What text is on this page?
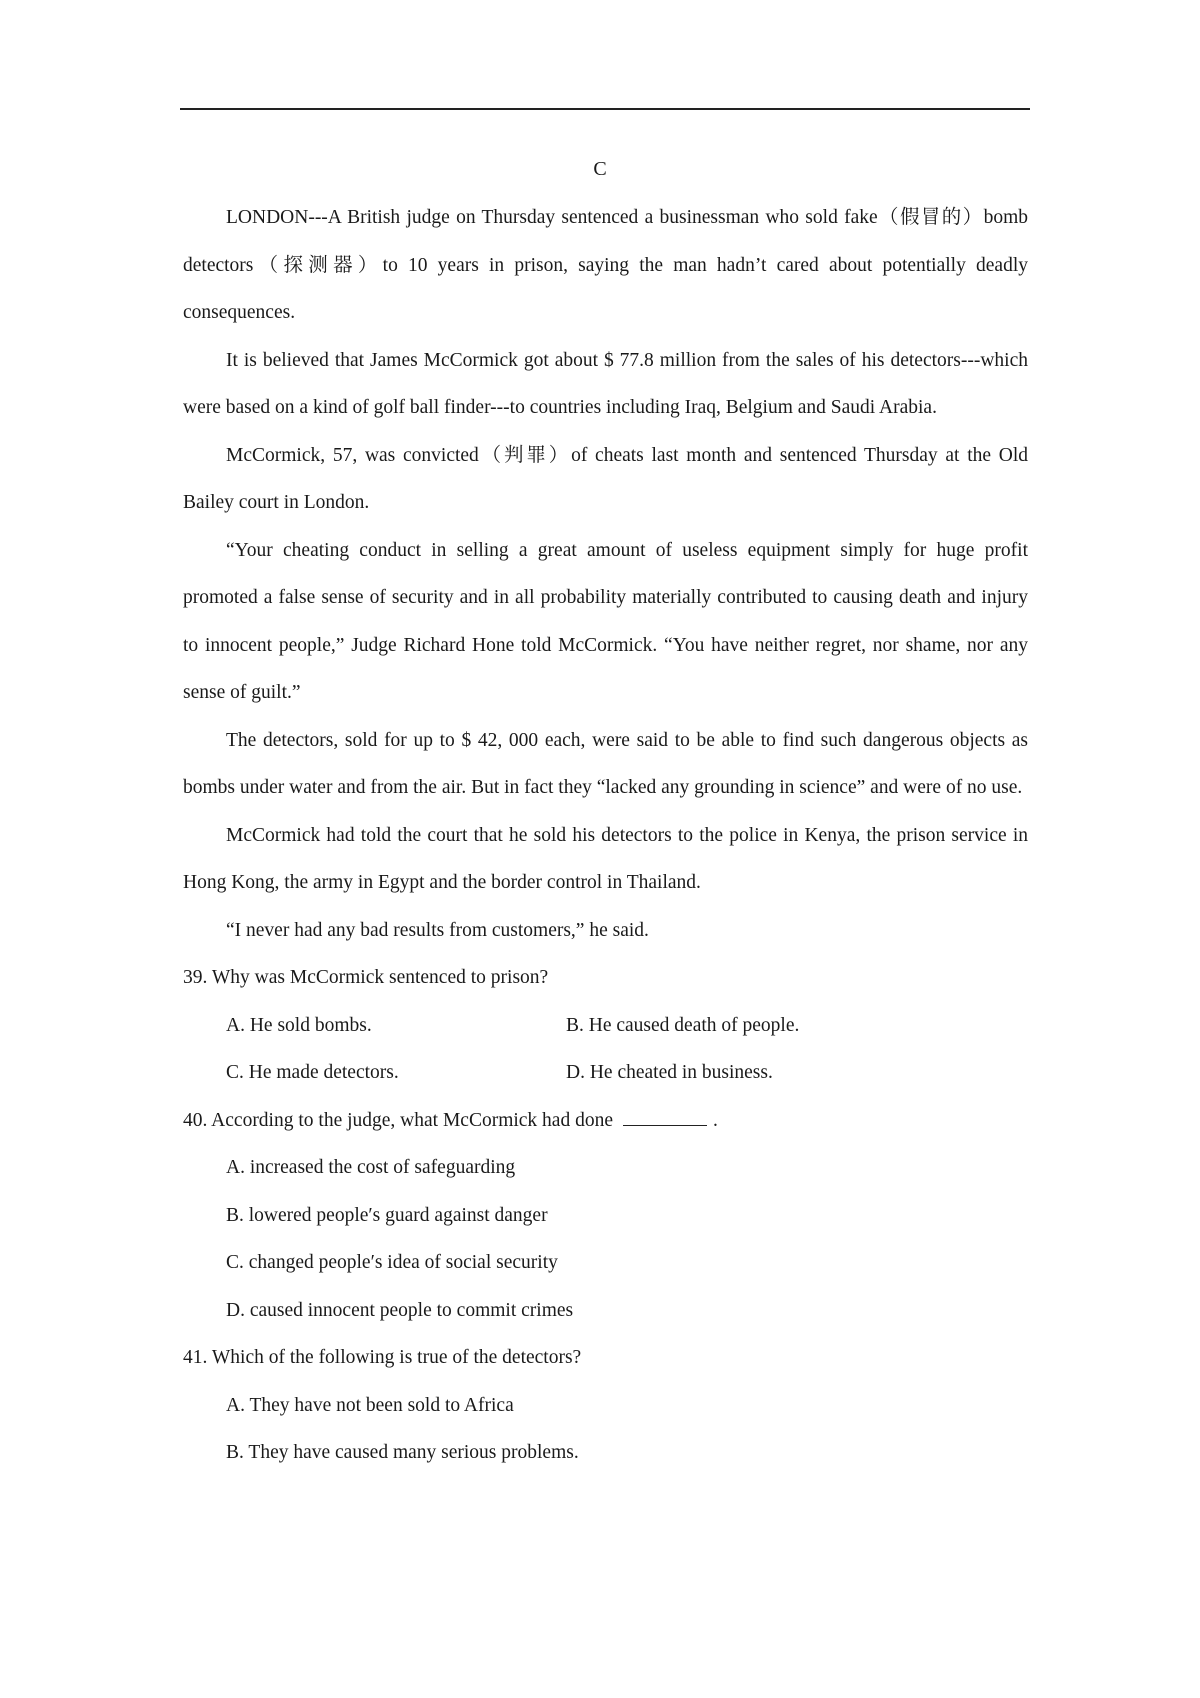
C

LONDON---A British judge on Thursday sentenced a businessman who sold fake（假冒的）bomb detectors（探测器）to 10 years in prison, saying the man hadn’t cared about potentially deadly consequences.

It is believed that James McCormick got about $ 77.8 million from the sales of his detectors---which were based on a kind of golf ball finder---to countries including Iraq, Belgium and Saudi Arabia.

McCormick, 57, was convicted（判罪）of cheats last month and sentenced Thursday at the Old Bailey court in London.

“Your cheating conduct in selling a great amount of useless equipment simply for huge profit promoted a false sense of security and in all probability materially contributed to causing death and injury to innocent people,” Judge Richard Hone told McCormick. “You have neither regret, nor shame, nor any sense of guilt.”

The detectors, sold for up to $ 42, 000 each, were said to be able to find such dangerous objects as bombs under water and from the air. But in fact they “lacked any grounding in science” and were of no use.

McCormick had told the court that he sold his detectors to the police in Kenya, the prison service in Hong Kong, the army in Egypt and the border control in Thailand.

“I never had any bad results from customers,” he said.

39. Why was McCormick sentenced to prison?

A. He sold bombs.	B. He caused death of people.
C. He made detectors.	D. He cheated in business.

40. According to the judge, what McCormick had done	.

A. increased the cost of safeguarding

B. lowered people′s guard against danger

C. changed people′s idea of social security

D. caused innocent people to commit crimes

41. Which of the following is true of the detectors?

A. They have not been sold to Africa

B. They have caused many serious problems.
